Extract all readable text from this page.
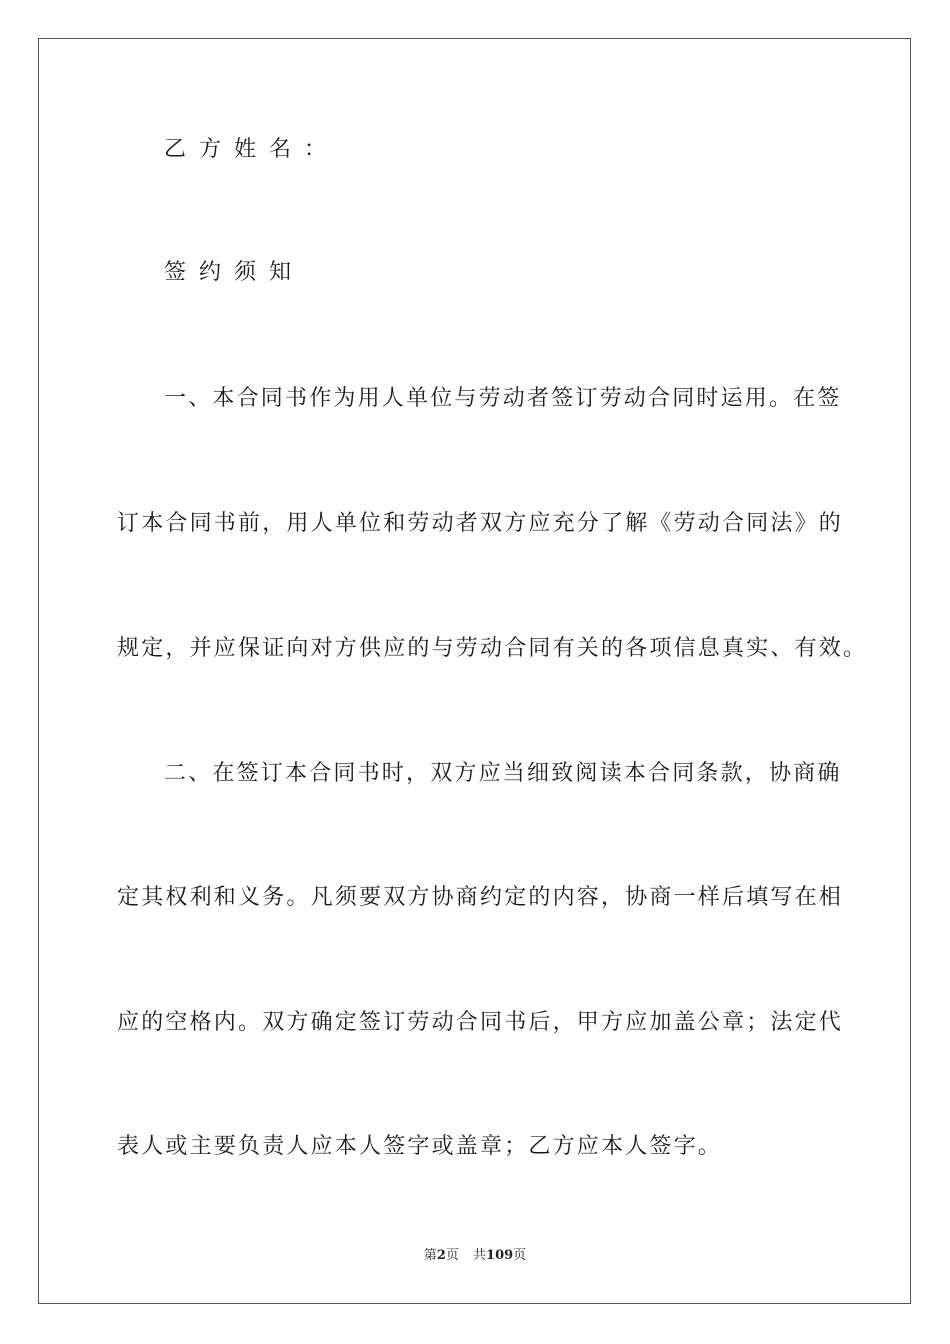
乙方姓名：
签约须知
一、本合同书作为用人单位与劳动者签订劳动合同时运用。在签
订本合同书前，用人单位和劳动者双方应充分了解《劳动合同法》的
规定，并应保证向对方供应的与劳动合同有关的各项信息真实、有效。
二、在签订本合同书时，双方应当细致阅读本合同条款，协商确
定其权利和义务。凡须要双方协商约定的内容，协商一样后填写在相
应的空格内。双方确定签订劳动合同书后，甲方应加盖公章；法定代
表人或主要负责人应本人签字或盖章；乙方应本人签字。
第2页 共109页
